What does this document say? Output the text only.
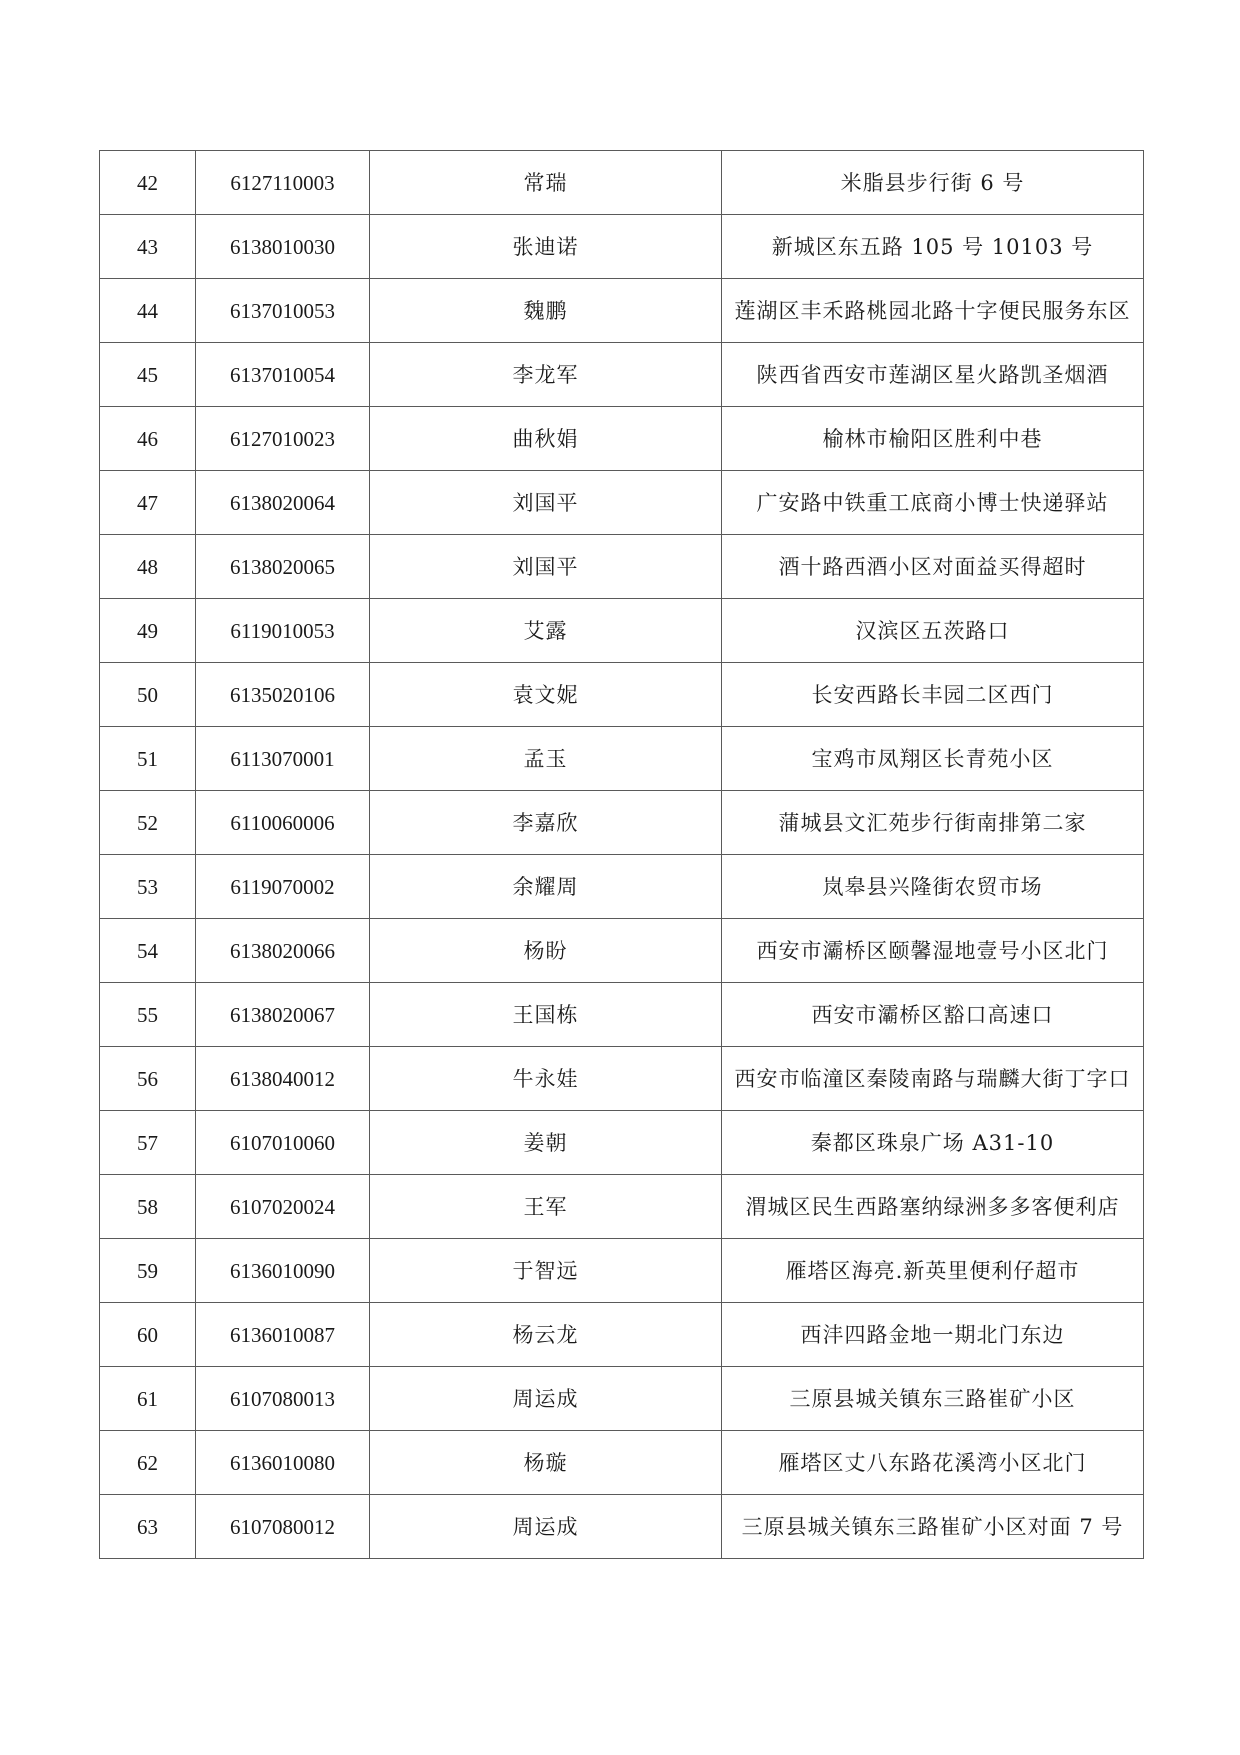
42	6127110003	常瑞	米脂县步行街 6 号
43	6138010030	张迪诺	新城区东五路 105 号 10103 号
44	6137010053	魏鹏	莲湖区丰禾路桃园北路十字便民服务东区
45	6137010054	李龙军	陕西省西安市莲湖区星火路凯圣烟酒
46	6127010023	曲秋娟	榆林市榆阳区胜利中巷
47	6138020064	刘国平	广安路中铁重工底商小博士快递驿站
48	6138020065	刘国平	酒十路西酒小区对面益买得超时
49	6119010053	艾露	汉滨区五茨路口
50	6135020106	袁文妮	长安西路长丰园二区西门
51	6113070001	孟玉	宝鸡市凤翔区长青苑小区
52	6110060006	李嘉欣	蒲城县文汇苑步行街南排第二家
53	6119070002	余耀周	岚皋县兴隆街农贸市场
54	6138020066	杨盼	西安市灞桥区颐馨湿地壹号小区北门
55	6138020067	王国栋	西安市灞桥区豁口高速口
56	6138040012	牛永娃	西安市临潼区秦陵南路与瑞麟大街丁字口
57	6107010060	姜朝	秦都区珠泉广场 A31-10
58	6107020024	王军	渭城区民生西路塞纳绿洲多多客便利店
59	6136010090	于智远	雁塔区海亮.新英里便利仔超市
60	6136010087	杨云龙	西沣四路金地一期北门东边
61	6107080013	周运成	三原县城关镇东三路崔矿小区
62	6136010080	杨璇	雁塔区丈八东路花溪湾小区北门
63	6107080012	周运成	三原县城关镇东三路崔矿小区对面 7 号
